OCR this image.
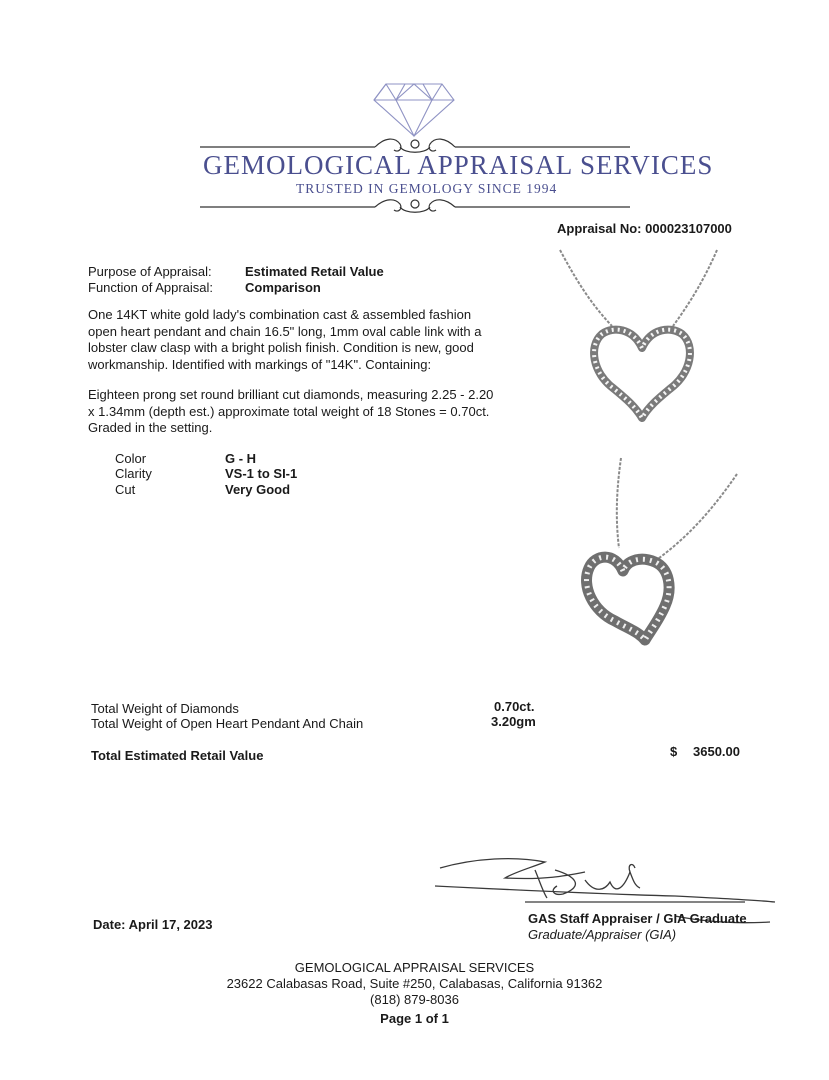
GEMOLOGICAL APPRAISAL SERVICES
TRUSTED IN GEMOLOGY SINCE 1994
Appraisal No: 000023107000
Purpose of Appraisal:	Estimated Retail Value
Function of Appraisal: Comparison
One 14KT white gold lady's combination cast & assembled fashion open heart pendant and chain 16.5" long, 1mm oval cable link with a lobster claw clasp with a bright polish finish. Condition is new, good workmanship. Identified with markings of "14K". Containing:
Eighteen prong set round brilliant cut diamonds, measuring 2.25 - 2.20 x 1.34mm (depth est.) approximate total weight of 18 Stones = 0.70ct. Graded in the setting.
Color	G - H
Clarity	VS-1 to SI-1
Cut	Very Good
Total Weight of Diamonds	0.70ct.
Total Weight of Open Heart Pendant And Chain	3.20gm
Total Estimated Retail Value	$ 3650.00
GAS Staff Appraiser / GIA Graduate
Graduate/Appraiser (GIA)
Date: April 17, 2023
GEMOLOGICAL APPRAISAL SERVICES
23622 Calabasas Road, Suite #250, Calabasas, California 91362
(818) 879-8036
Page 1 of 1
